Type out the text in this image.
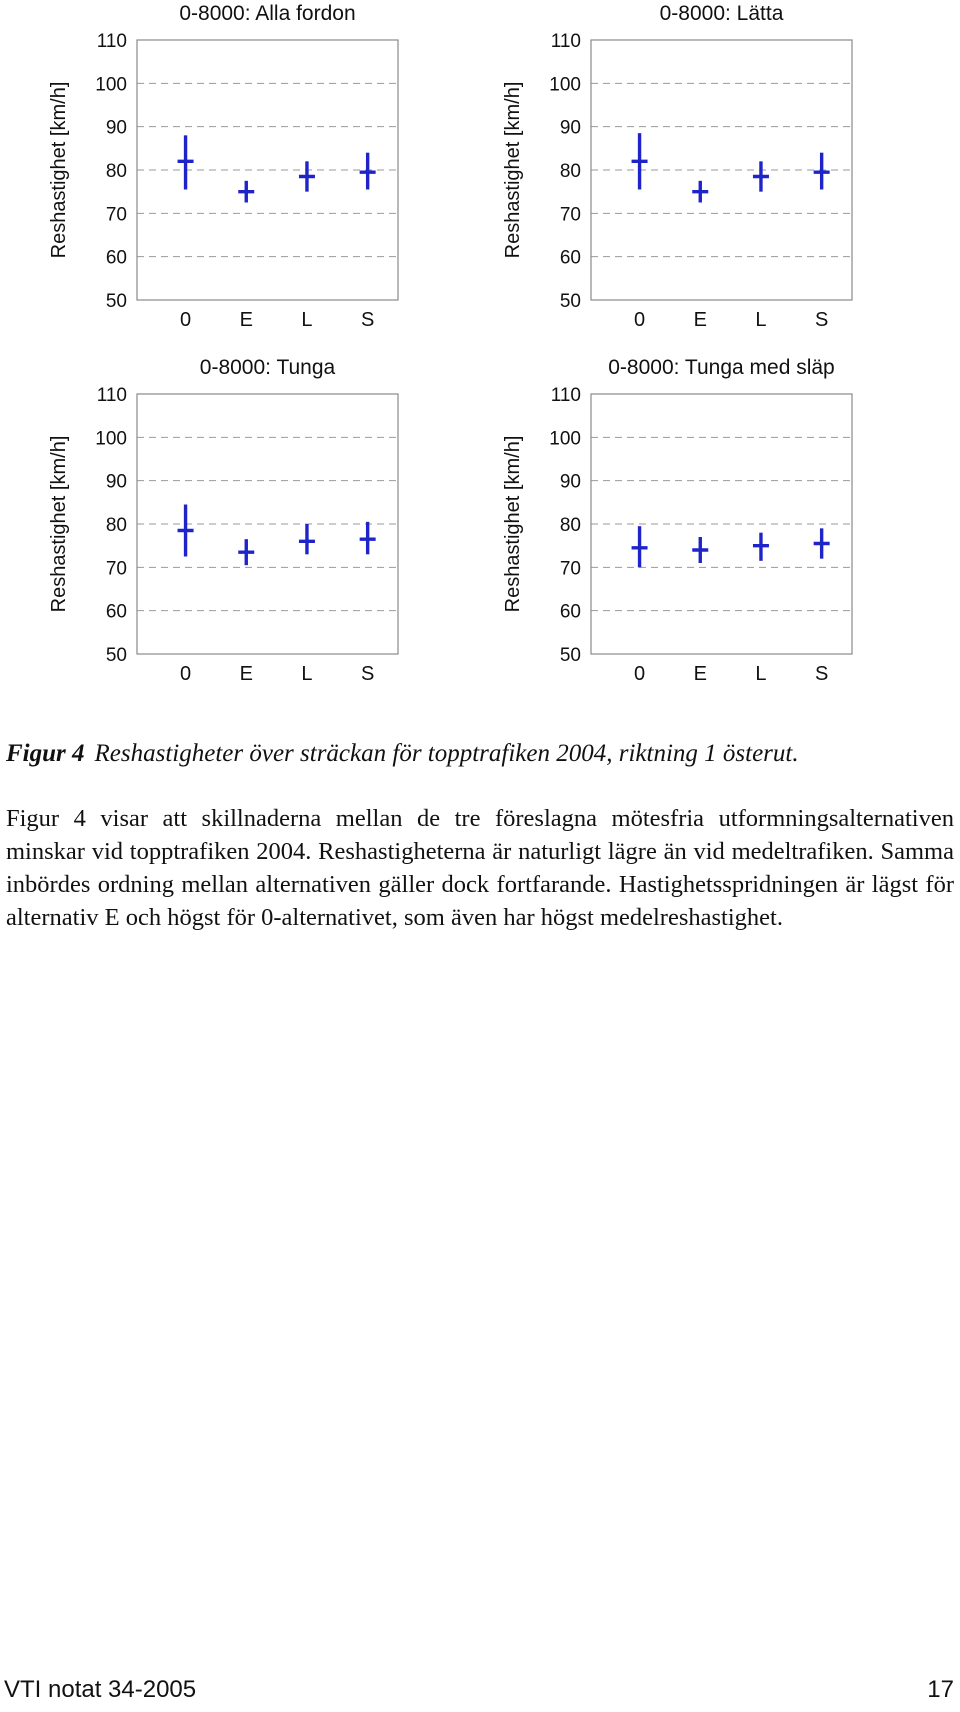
50
60
70
80
90
100
110
0 E L S
0-8000: Alla fordon
Reshastighet [km/h]
50
60
70
80
90
100
110
0 E L S
0-8000: Lätta
Reshastighet [km/h]
50
60
70
80
90
100
110
0 E L S
0-8000: Tunga
Reshastighet [km/h]
50
60
70
80
90
100
110
0 E L S
0-8000: Tunga med släp
Reshastighet [km/h]
Figur 4 Reshastigheter över sträckan för topptrafiken 2004, riktning 1 österut.

Figur 4 visar att skillnaderna mellan de tre föreslagna mötesfria utformningsalternativen minskar vid topptrafiken 2004. Reshastigheterna är naturligt lägre än vid medeltrafiken. Samma inbördes ordning mellan alternativen gäller dock fortfarande. Hastighetsspridningen är lägst för alternativ E och högst för 0-alternativet, som även har högst medelreshastighet.

VTI notat 34-2005	17
